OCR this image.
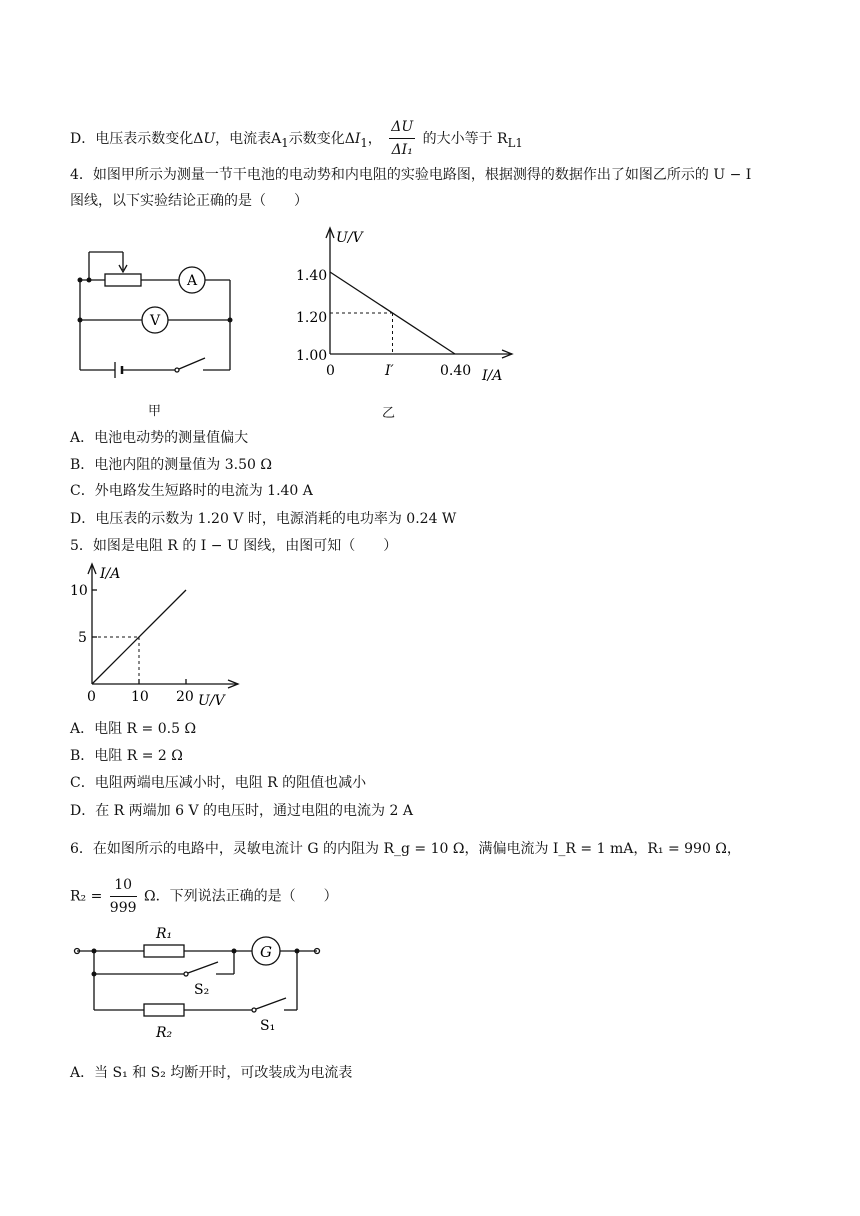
D．电压表示数变化ΔU，电流表$A_1$示数变化$\Delta I_1$， $\frac{\Delta U}{\text{ΔI₁}}$ 的大小等于 $R_{L1}$
4．如图甲所示为测量一节干电池的电动势和内电阻的实验电路图，根据测得的数据作出了如图乙所示的 U − I
图线，以下实验结论正确的是（　　）
A
V
甲
U/V
I/A
1.40
1.20
1.00
0	I′	0.40
乙
A．电池电动势的测量值偏大
B．电池内阻的测量值为 3.50 Ω
C．外电路发生短路时的电流为 1.40 A
D．电压表的示数为 1.20 V 时，电源消耗的电功率为 0.24 W
5．如图是电阻 R 的 I − U 图线，由图可知（　　）
I/A
U/V
10
5
0	10 20
A．电阻 R = 0.5 Ω
B．电阻 R = 2 Ω
C．电阻两端电压减小时，电阻 R 的阻值也减小
D．在 R 两端加 6 V 的电压时，通过电阻的电流为 2 A
6．在如图所示的电路中，灵敏电流计 G 的内阻为 R_g = 10 Ω，满偏电流为 I_R = 1 mA，R₁ = 990 Ω，
$R_2 = \frac{10}{999}$ Ω．下列说法正确的是（　　）
G
R₁
R₂
S₂
S₁
A．当 S₁ 和 S₂ 均断开时，可改装成为电流表
